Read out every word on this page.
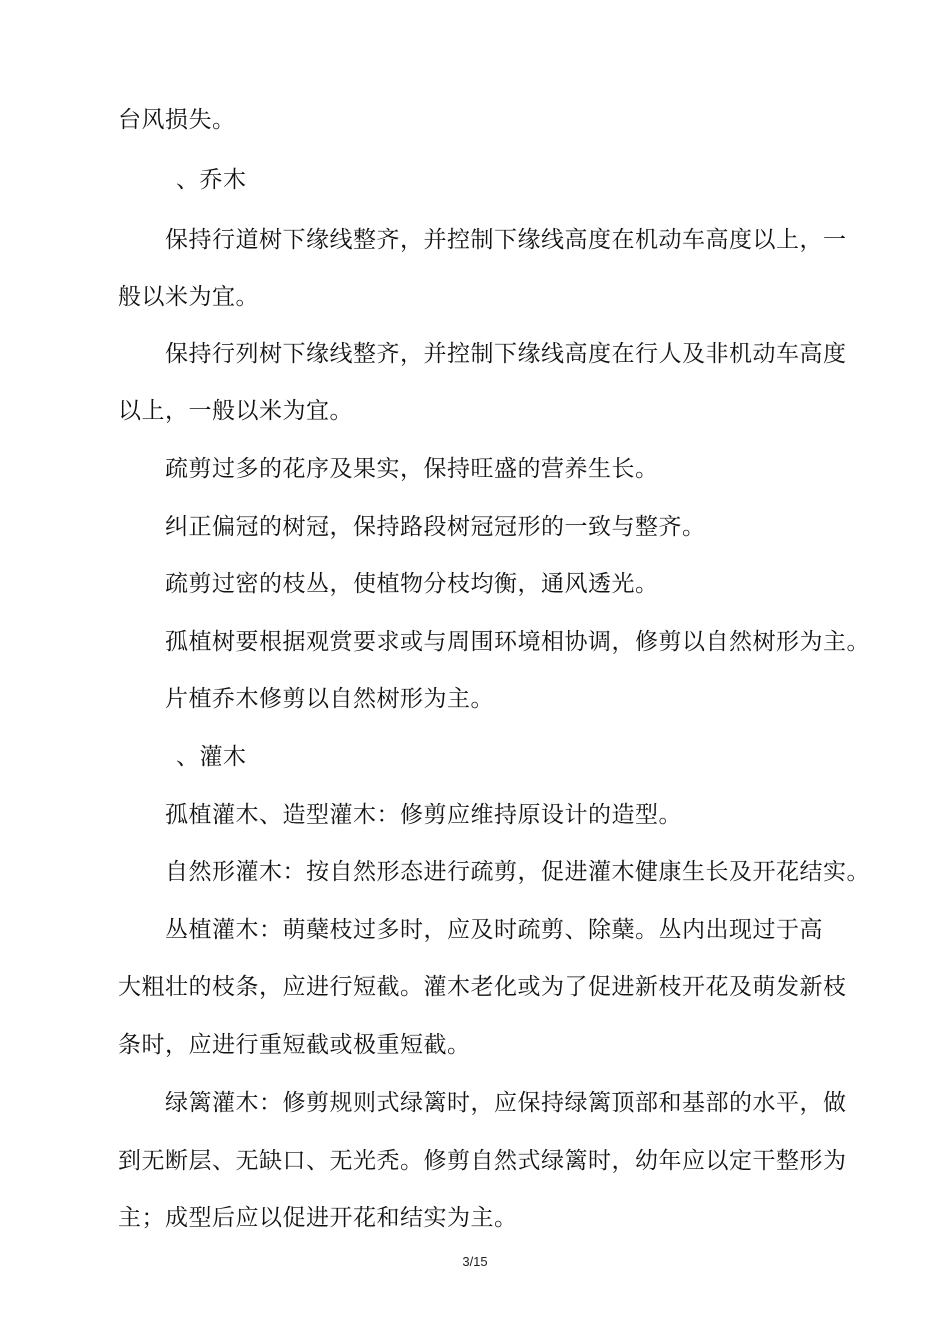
台风损失。
、乔木
保持行道树下缘线整齐，并控制下缘线高度在机动车高度以上，一
般以米为宜。
保持行列树下缘线整齐，并控制下缘线高度在行人及非机动车高度
以上，一般以米为宜。
疏剪过多的花序及果实，保持旺盛的营养生长。
纠正偏冠的树冠，保持路段树冠冠形的一致与整齐。
疏剪过密的枝丛，使植物分枝均衡，通风透光。
孤植树要根据观赏要求或与周围环境相协调，修剪以自然树形为主。
片植乔木修剪以自然树形为主。
、灌木
孤植灌木、造型灌木：修剪应维持原设计的造型。
自然形灌木：按自然形态进行疏剪，促进灌木健康生长及开花结实。
丛植灌木：萌蘖枝过多时，应及时疏剪、除蘖。丛内出现过于高
大粗壮的枝条，应进行短截。灌木老化或为了促进新枝开花及萌发新枝
条时，应进行重短截或极重短截。
绿篱灌木：修剪规则式绿篱时，应保持绿篱顶部和基部的水平，做
到无断层、无缺口、无光秃。修剪自然式绿篱时，幼年应以定干整形为
主；成型后应以促进开花和结实为主。
3/15
